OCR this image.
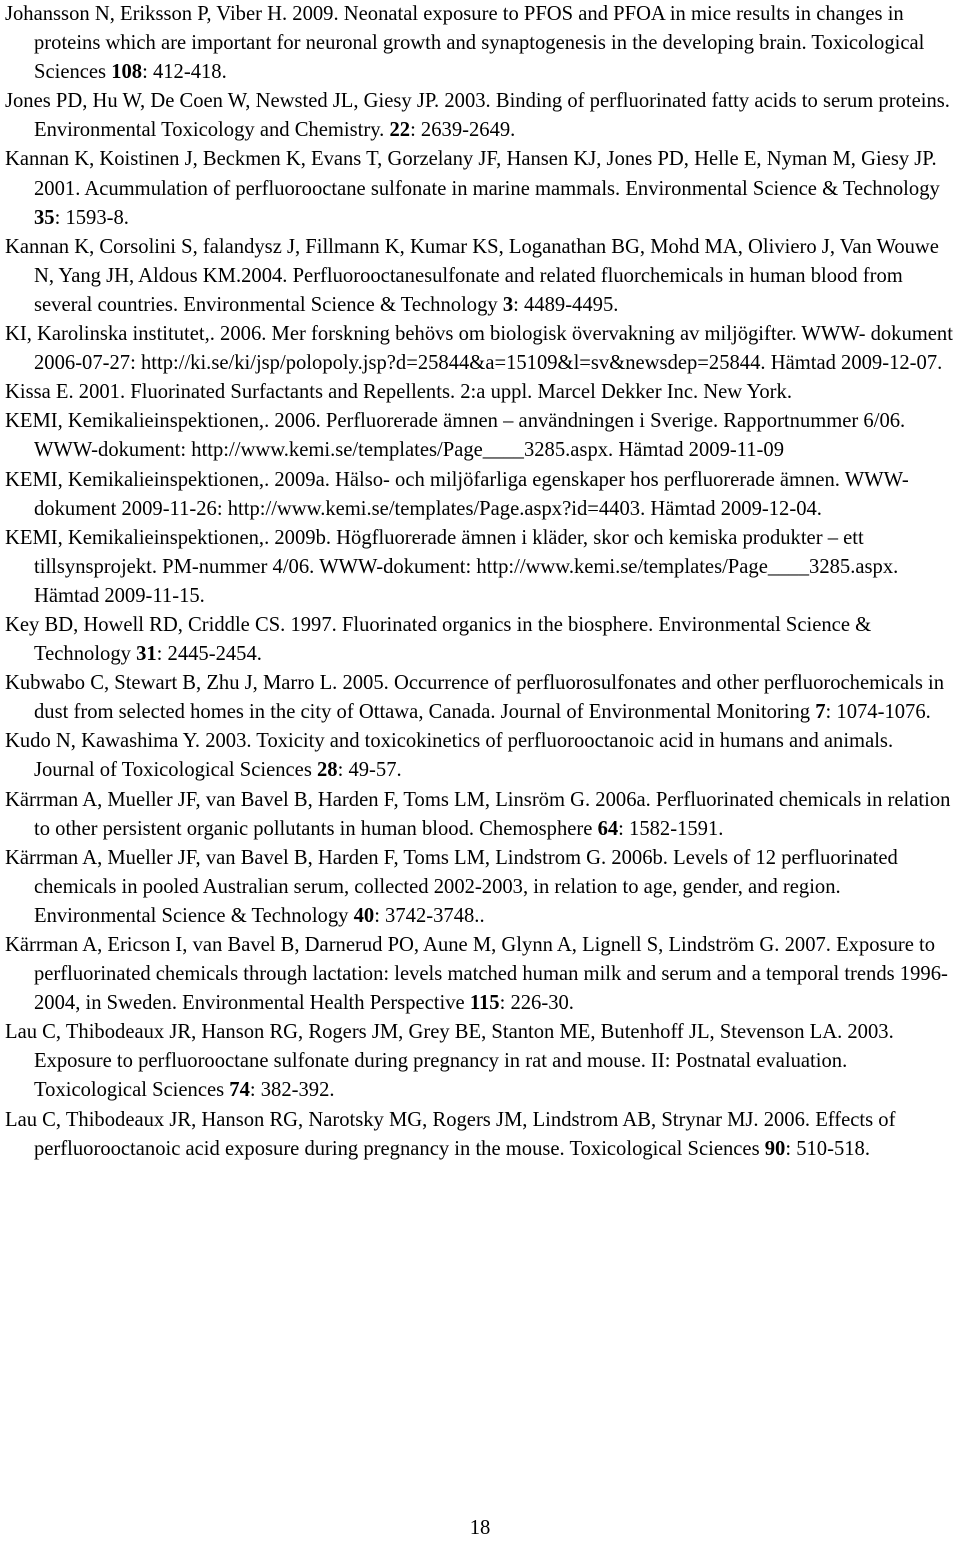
Johansson N, Eriksson P, Viber H. 2009. Neonatal exposure to PFOS and PFOA in mice results in changes in proteins which are important for neuronal growth and synaptogenesis in the developing brain. Toxicological Sciences 108: 412-418.

Jones PD, Hu W, De Coen W, Newsted JL, Giesy JP. 2003. Binding of perfluorinated fatty acids to serum proteins. Environmental Toxicology and Chemistry. 22: 2639-2649.

Kannan K, Koistinen J, Beckmen K, Evans T, Gorzelany JF, Hansen KJ, Jones PD, Helle E, Nyman M, Giesy JP. 2001. Acummulation of perfluorooctane sulfonate in marine mammals. Environmental Science & Technology 35: 1593-8.

Kannan K, Corsolini S, falandysz J, Fillmann K, Kumar KS, Loganathan BG, Mohd MA, Oliviero J, Van Wouwe N, Yang JH, Aldous KM.2004. Perfluorooctanesulfonate and related fluorchemicals in human blood from several countries. Environmental Science & Technology 3: 4489-4495.

KI, Karolinska institutet,. 2006. Mer forskning behövs om biologisk övervakning av miljögifter. WWW- dokument 2006-07-27: http://ki.se/ki/jsp/polopoly.jsp?d=25844&a=15109&l=sv&newsdep=25844. Hämtad 2009-12-07.

Kissa E. 2001. Fluorinated Surfactants and Repellents. 2:a uppl. Marcel Dekker Inc. New York.

KEMI, Kemikalieinspektionen,. 2006. Perfluorerade ämnen – användningen i Sverige. Rapportnummer 6/06. WWW-dokument: http://www.kemi.se/templates/Page____3285.aspx. Hämtad 2009-11-09

KEMI, Kemikalieinspektionen,. 2009a. Hälso- och miljöfarliga egenskaper hos perfluorerade ämnen. WWW- dokument 2009-11-26: http://www.kemi.se/templates/Page.aspx?id=4403. Hämtad 2009-12-04.

KEMI, Kemikalieinspektionen,. 2009b. Högfluorerade ämnen i kläder, skor och kemiska produkter – ett tillsynsprojekt. PM-nummer 4/06. WWW-dokument: http://www.kemi.se/templates/Page____3285.aspx. Hämtad 2009-11-15.

Key BD, Howell RD, Criddle CS. 1997. Fluorinated organics in the biosphere. Environmental Science & Technology 31: 2445-2454.

Kubwabo C, Stewart B, Zhu J, Marro L. 2005. Occurrence of perfluorosulfonates and other perfluorochemicals in dust from selected homes in the city of Ottawa, Canada. Journal of Environmental Monitoring 7: 1074-1076.

Kudo N, Kawashima Y. 2003. Toxicity and toxicokinetics of perfluorooctanoic acid in humans and animals. Journal of Toxicological Sciences 28: 49-57.

Kärrman A, Mueller JF, van Bavel B, Harden F, Toms LM, Linsröm G. 2006a. Perfluorinated chemicals in relation to other persistent organic pollutants in human blood. Chemosphere 64: 1582-1591.

Kärrman A, Mueller JF, van Bavel B, Harden F, Toms LM, Lindstrom G. 2006b. Levels of 12 perfluorinated chemicals in pooled Australian serum, collected 2002-2003, in relation to age, gender, and region. Environmental Science & Technology 40: 3742-3748..

Kärrman A, Ericson I, van Bavel B, Darnerud PO, Aune M, Glynn A, Lignell S, Lindström G. 2007. Exposure to perfluorinated chemicals through lactation: levels matched human milk and serum and a temporal trends 1996-2004, in Sweden. Environmental Health Perspective 115: 226-30.

Lau C, Thibodeaux JR, Hanson RG, Rogers JM, Grey BE, Stanton ME, Butenhoff JL, Stevenson LA. 2003. Exposure to perfluorooctane sulfonate during pregnancy in rat and mouse. II: Postnatal evaluation. Toxicological Sciences 74: 382-392.

Lau C, Thibodeaux JR, Hanson RG, Narotsky MG, Rogers JM, Lindstrom AB, Strynar MJ. 2006. Effects of perfluorooctanoic acid exposure during pregnancy in the mouse. Toxicological Sciences 90: 510-518.

18
